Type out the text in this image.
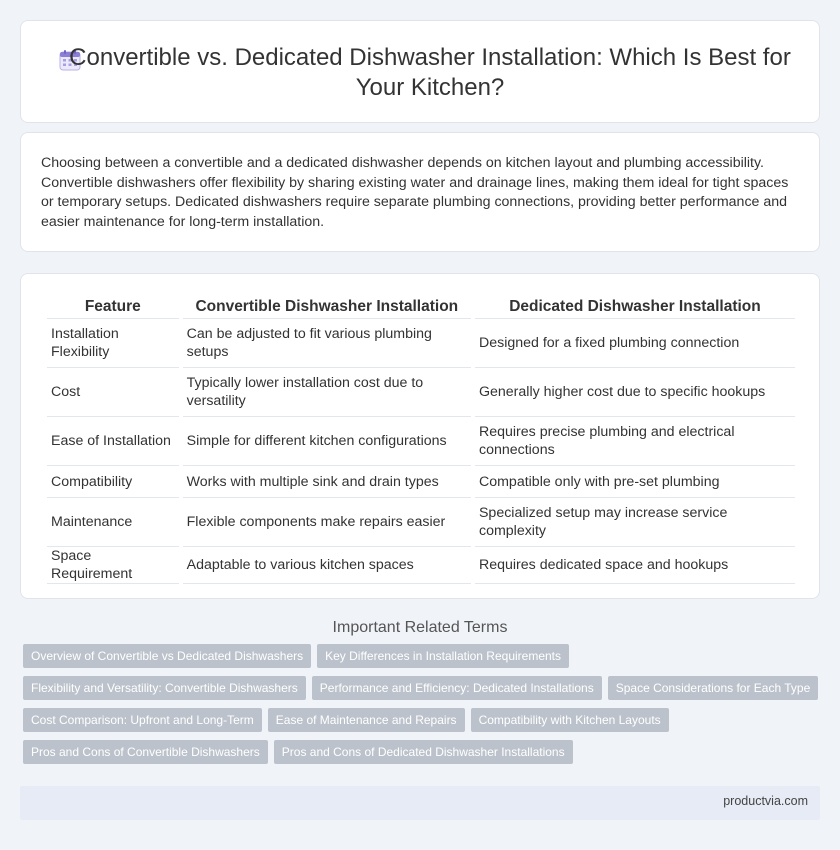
Convertible vs. Dedicated Dishwasher Installation: Which Is Best for Your Kitchen?

Choosing between a convertible and a dedicated dishwasher depends on kitchen layout and plumbing accessibility. Convertible dishwashers offer flexibility by sharing existing water and drainage lines, making them ideal for tight spaces or temporary setups. Dedicated dishwashers require separate plumbing connections, providing better performance and easier maintenance for long-term installation.

Feature	Convertible Dishwasher Installation	Dedicated Dishwasher Installation
Installation Flexibility	Can be adjusted to fit various plumbing setups	Designed for a fixed plumbing connection
Cost	Typically lower installation cost due to versatility	Generally higher cost due to specific hookups
Ease of Installation	Simple for different kitchen configurations	Requires precise plumbing and electrical connections
Compatibility	Works with multiple sink and drain types	Compatible only with pre-set plumbing
Maintenance	Flexible components make repairs easier	Specialized setup may increase service complexity
Space Requirement	Adaptable to various kitchen spaces	Requires dedicated space and hookups
Important Related Terms
Overview of Convertible vs Dedicated Dishwashers	Key Differences in Installation Requirements
Flexibility and Versatility: Convertible Dishwashers	Performance and Efficiency: Dedicated Installations	Space Considerations for Each Type
Cost Comparison: Upfront and Long-Term	Ease of Maintenance and Repairs	Compatibility with Kitchen Layouts
Pros and Cons of Convertible Dishwashers	Pros and Cons of Dedicated Dishwasher Installations
productvia.com
